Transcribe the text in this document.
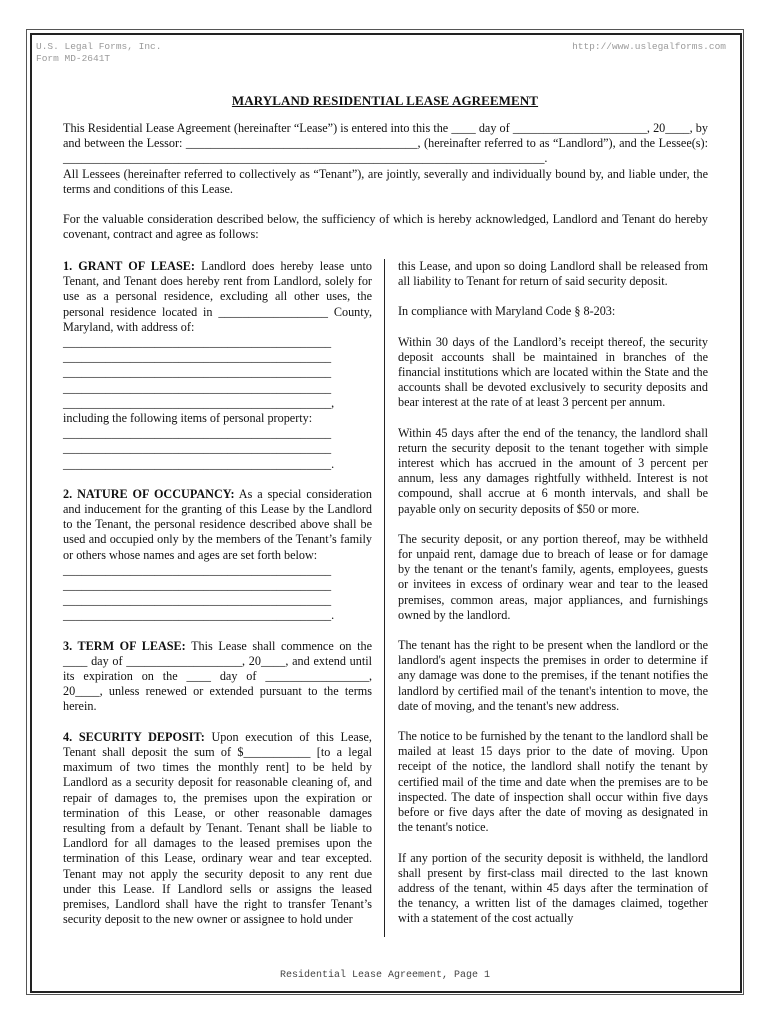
U.S. Legal Forms, Inc.
Form MD-2641T
http://www.uslegalforms.com
MARYLAND RESIDENTIAL LEASE AGREEMENT

This Residential Lease Agreement (hereinafter “Lease”) is entered into this the ____ day of ______________________, 20____, by and between the Lessor: ______________________________________, (hereinafter referred to as “Landlord”), and the Lessee(s): _______________________________________________________________________________.

All Lessees (hereinafter referred to collectively as “Tenant”), are jointly, severally and individually bound by, and liable under, the terms and conditions of this Lease.

For the valuable consideration described below, the sufficiency of which is hereby acknowledged, Landlord and Tenant do hereby covenant, contract and agree as follows:

1. GRANT OF LEASE: Landlord does hereby lease unto Tenant, and Tenant does hereby rent from Landlord, solely for use as a personal residence, excluding all other uses, the personal residence located in __________________ County, Maryland, with address of:

____________________________________________
____________________________________________
____________________________________________
____________________________________________
____________________________________________,

including the following items of personal property:

____________________________________________
____________________________________________
____________________________________________.

2. NATURE OF OCCUPANCY: As a special consideration and inducement for the granting of this Lease by the Landlord to the Tenant, the personal residence described above shall be used and occupied only by the members of the Tenant’s family or others whose names and ages are set forth below:

____________________________________________
____________________________________________
____________________________________________
____________________________________________.

3. TERM OF LEASE: This Lease shall commence on the ____ day of ___________________, 20____, and extend until its expiration on the ____ day of _________________, 20____, unless renewed or extended pursuant to the terms herein.

4. SECURITY DEPOSIT: Upon execution of this Lease, Tenant shall deposit the sum of $___________ [to a legal maximum of two times the monthly rent] to be held by Landlord as a security deposit for reasonable cleaning of, and repair of damages to, the premises upon the expiration or termination of this Lease, or other reasonable damages resulting from a default by Tenant. Tenant shall be liable to Landlord for all damages to the leased premises upon the termination of this Lease, ordinary wear and tear excepted. Tenant may not apply the security deposit to any rent due under this Lease. If Landlord sells or assigns the leased premises, Landlord shall have the right to transfer Tenant’s security deposit to the new owner or assignee to hold under

this Lease, and upon so doing Landlord shall be released from all liability to Tenant for return of said security deposit.

In compliance with Maryland Code § 8-203:

Within 30 days of the Landlord’s receipt thereof, the security deposit accounts shall be maintained in branches of the financial institutions which are located within the State and the accounts shall be devoted exclusively to security deposits and bear interest at the rate of at least 3 percent per annum.

Within 45 days after the end of the tenancy, the landlord shall return the security deposit to the tenant together with simple interest which has accrued in the amount of 3 percent per annum, less any damages rightfully withheld. Interest is not compound, shall accrue at 6 month intervals, and shall be payable only on security deposits of $50 or more.

The security deposit, or any portion thereof, may be withheld for unpaid rent, damage due to breach of lease or for damage by the tenant or the tenant's family, agents, employees, guests or invitees in excess of ordinary wear and tear to the leased premises, common areas, major appliances, and furnishings owned by the landlord.

The tenant has the right to be present when the landlord or the landlord's agent inspects the premises in order to determine if any damage was done to the premises, if the tenant notifies the landlord by certified mail of the tenant's intention to move, the date of moving, and the tenant's new address.

The notice to be furnished by the tenant to the landlord shall be mailed at least 15 days prior to the date of moving. Upon receipt of the notice, the landlord shall notify the tenant by certified mail of the time and date when the premises are to be inspected. The date of inspection shall occur within five days before or five days after the date of moving as designated in the tenant's notice.

If any portion of the security deposit is withheld, the landlord shall present by first-class mail directed to the last known address of the tenant, within 45 days after the termination of the tenancy, a written list of the damages claimed, together with a statement of the cost actually

Residential Lease Agreement, Page 1
